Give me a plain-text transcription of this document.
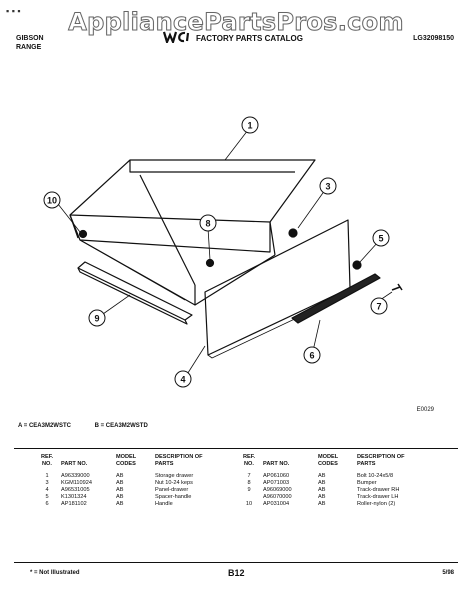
AppliancePartsPros.com
▪ ▪ ▪
GIBSON
RANGE
FACTORY PARTS CATALOG	LG32098150
1
3
10
8
5
7
9
4
6
E0029
A = CEA3M2WSTC	B = CEA3M2WSTD
REF. NO.	PART NO.	MODEL CODES	DESCRIPTION OF PARTS
1	A96339000	AB	Storage drawer
3	KGM110924	AB	Nut 10-24 keps
4	A96531005	AB	Panel-drawer
5	K1301324	AB	Spacer-handle
6	AP181102	AB	Handle
REF. NO.	PART NO.	MODEL CODES	DESCRIPTION OF PARTS
7	AP061060	AB	Bolt 10-24x5/8
8	AP071003	AB	Bumper
9	A96069000	AB	Track-drawer RH
	A96070000	AB	Track-drawer LH
10	AP031004	AB	Roller-nylon (2)
* = Not Illustrated	B12	5/98
